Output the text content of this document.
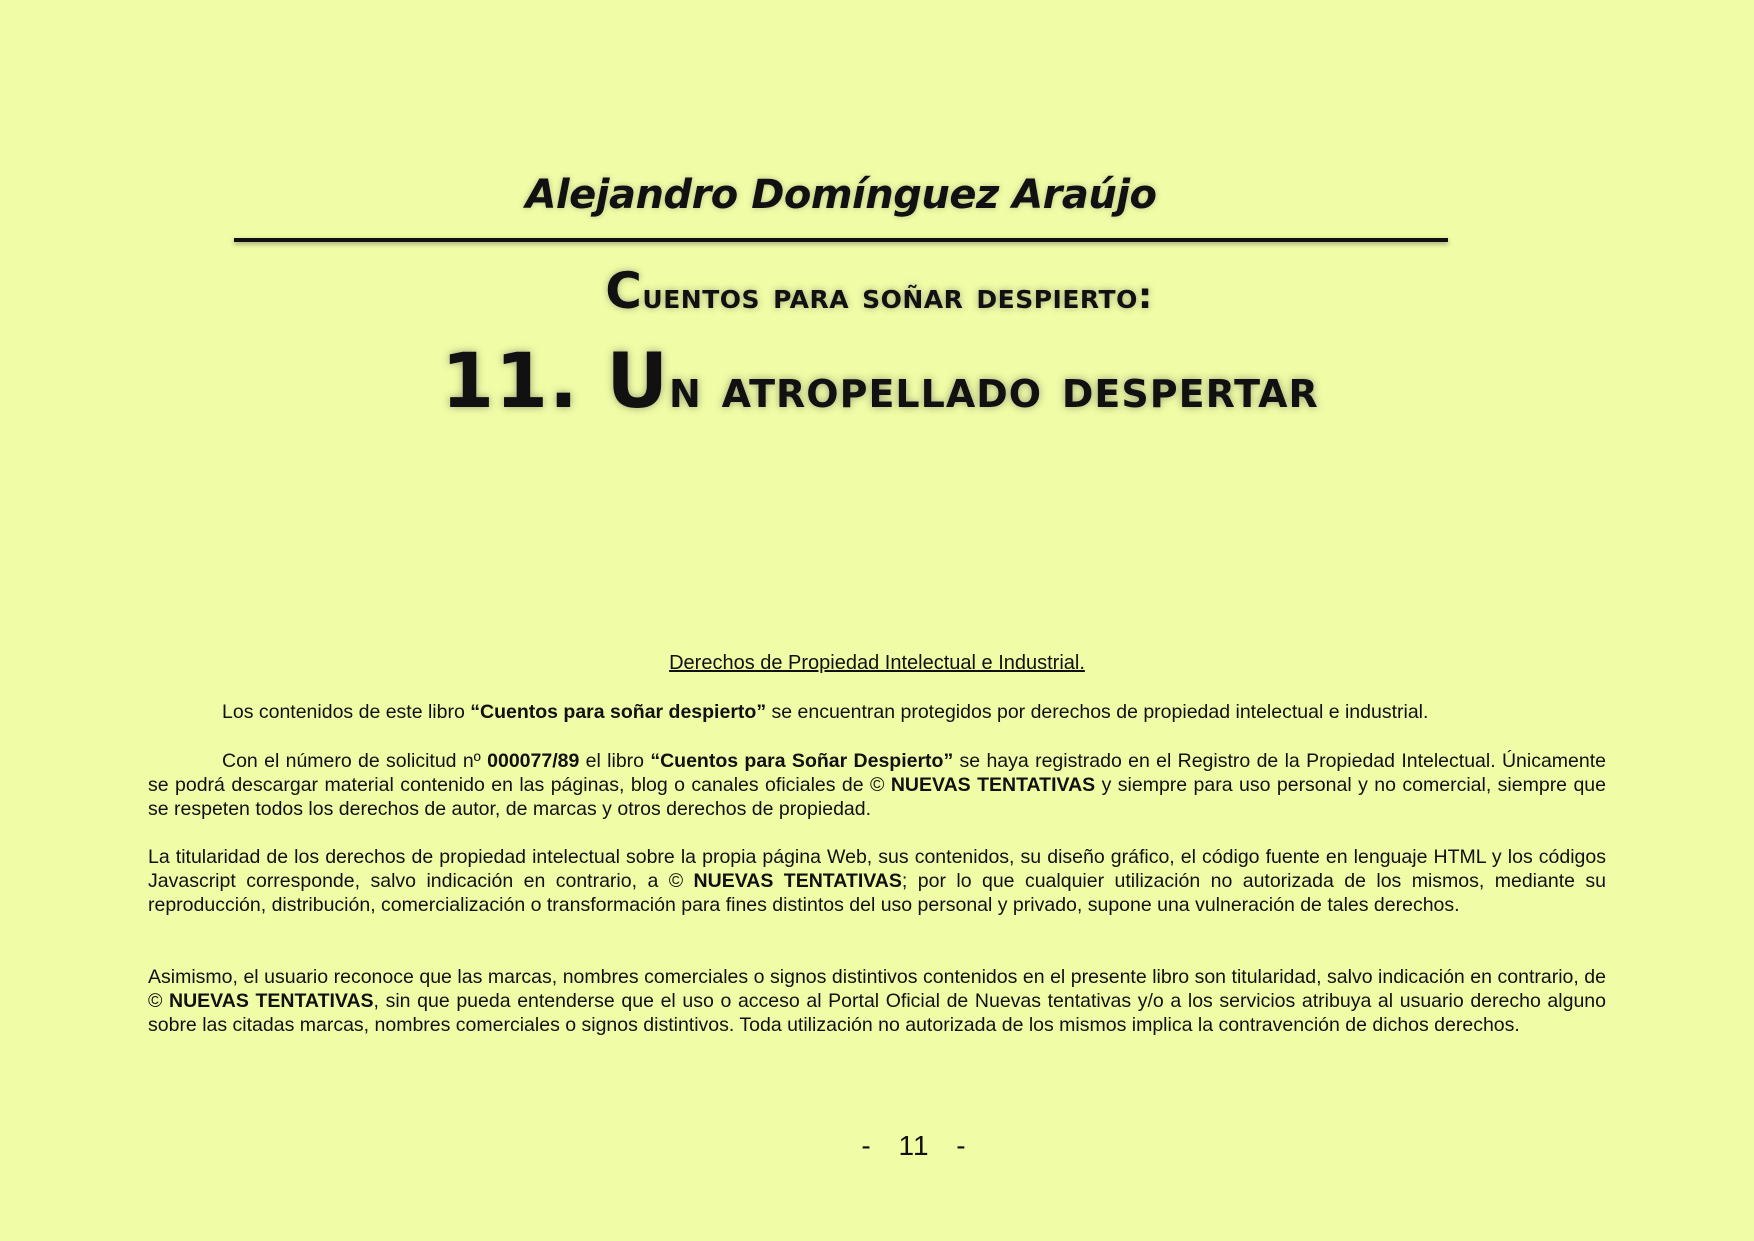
Alejandro Domínguez Araújo
Cuentos para soñar despierto:
11. Un atropellado despertar
Derechos de Propiedad Intelectual e Industrial.

Los contenidos de este libro “Cuentos para soñar despierto” se encuentran protegidos por derechos de propiedad intelectual e industrial.

Con el número de solicitud nº 000077/89 el libro “Cuentos para Soñar Despierto” se haya registrado en el Registro de la Propiedad Intelectual. Únicamente se podrá descargar material contenido en las páginas, blog o canales oficiales de © NUEVAS TENTATIVAS y siempre para uso personal y no comercial, siempre que se respeten todos los derechos de autor, de marcas y otros derechos de propiedad.

La titularidad de los derechos de propiedad intelectual sobre la propia página Web, sus contenidos, su diseño gráfico, el código fuente en lenguaje HTML y los códigos Javascript corresponde, salvo indicación en contrario, a © NUEVAS TENTATIVAS; por lo que cualquier utilización no autorizada de los mismos, mediante su reproducción, distribución, comercialización o transformación para fines distintos del uso personal y privado, supone una vulneración de tales derechos.

Asimismo, el usuario reconoce que las marcas, nombres comerciales o signos distintivos contenidos en el presente libro son titularidad, salvo indicación en contrario, de © NUEVAS TENTATIVAS, sin que pueda entenderse que el uso o acceso al Portal Oficial de Nuevas tentativas y/o a los servicios atribuya al usuario derecho alguno sobre las citadas marcas, nombres comerciales o signos distintivos. Toda utilización no autorizada de los mismos implica la contravención de dichos derechos.

- 11 -
